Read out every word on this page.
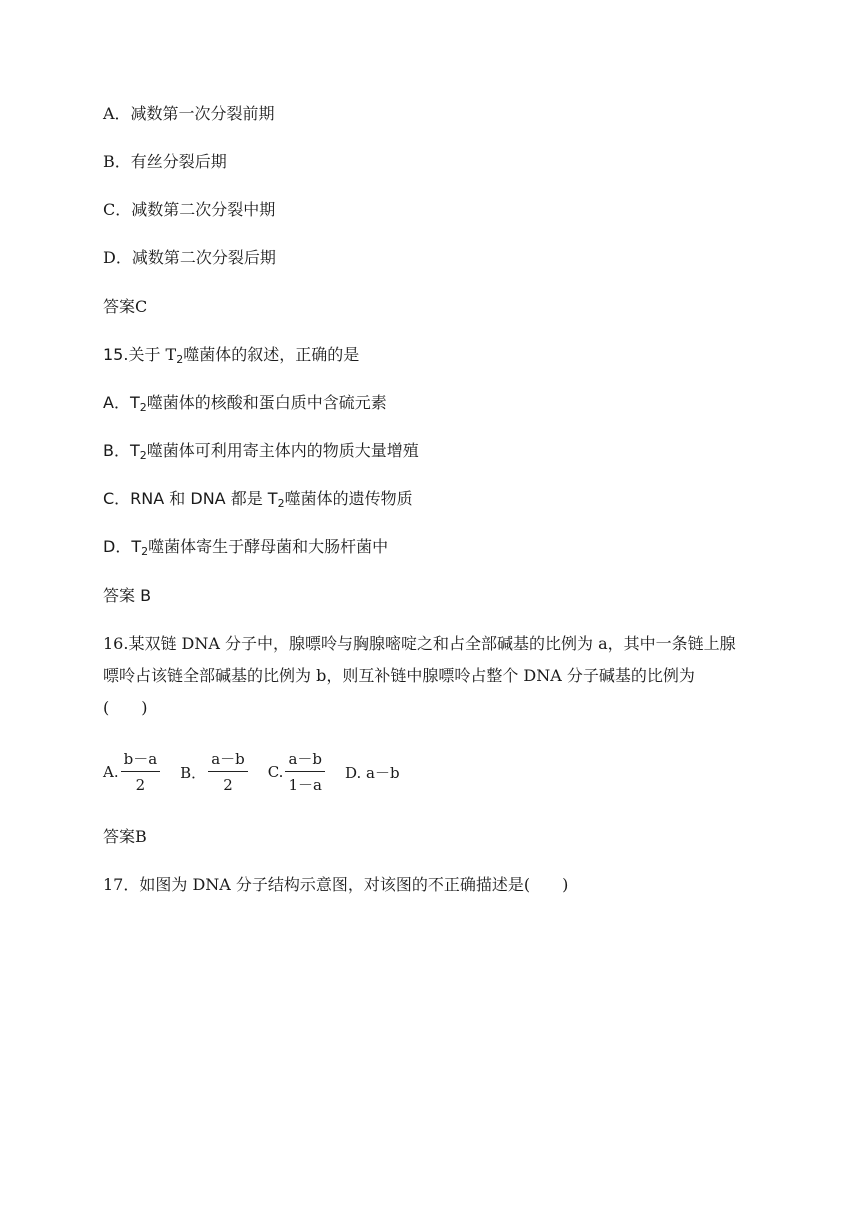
A．减数第一次分裂前期
B．有丝分裂后期
C．减数第二次分裂中期
D．减数第二次分裂后期
答案C
15.关于 $T_2$噬菌体的叙述，正确的是
A．$T_2$噬菌体的核酸和蛋白质中含硫元素
B．$T_2$噬菌体可利用寄主体内的物质大量增殖
C．RNA 和 DNA 都是 $T_2$噬菌体的遗传物质
D．$T_2$噬菌体寄生于酵母菌和大肠杆菌中
答案 B
16.某双链 DNA 分子中，腺嘌呤与胸腺嘧啶之和占全部碱基的比例为 a，其中一条链上腺
嘌呤占该链全部碱基的比例为 b，则互补链中腺嘌呤占整个 DNA 分子碱基的比例为
(　　)
A. $\frac{b-a}{2}$ B． $\frac{a-b}{2} C$. $\frac{a-b}{1-a} D$. a－b
答案B
17．如图为 DNA 分子结构示意图，对该图的不正确描述是(　　)
